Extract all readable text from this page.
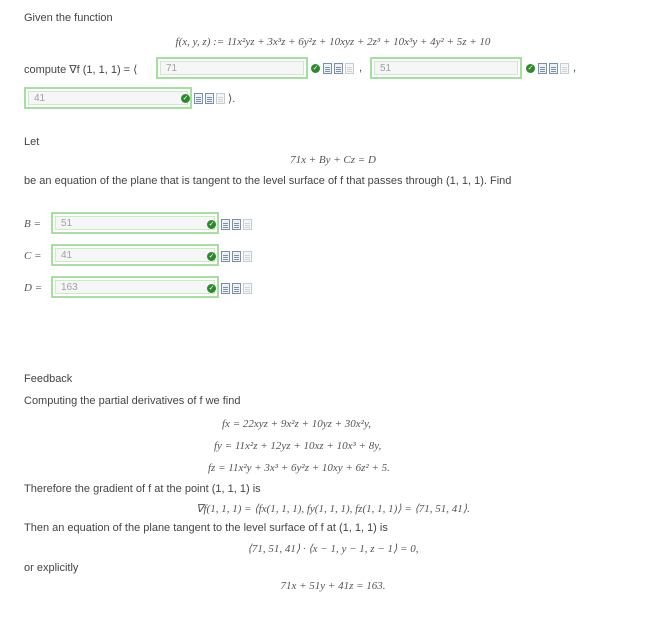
Given the function
f(x, y, z) := 11x²yz + 3x³z + 6y²z + 10xyz + 2z³ + 10x³y + 4y² + 5z + 10
compute ∇f (1, 1, 1) = ⟨	71	✓	,	51	✓	,
41	✓	⟩.
Let
71x + By + Cz = D
be an equation of the plane that is tangent to the level surface of f that passes through (1, 1, 1). Find
B =	51	✓
C =	41	✓
D =	163	✓
Feedback
Computing the partial derivatives of f we find
fx = 22xyz + 9x²z + 10yz + 30x²y,
fy = 11x²z + 12yz + 10xz + 10x³ + 8y,
fz = 11x²y + 3x³ + 6y²z + 10xy + 6z² + 5.
Therefore the gradient of f at the point (1, 1, 1) is
∇f(1, 1, 1) = ⟨fx(1, 1, 1), fy(1, 1, 1), fz(1, 1, 1)⟩ = ⟨71, 51, 41⟩.
Then an equation of the plane tangent to the level surface of f at (1, 1, 1) is
⟨71, 51, 41⟩ · ⟨x − 1, y − 1, z − 1⟩ = 0,
or explicitly
71x + 51y + 41z = 163.
